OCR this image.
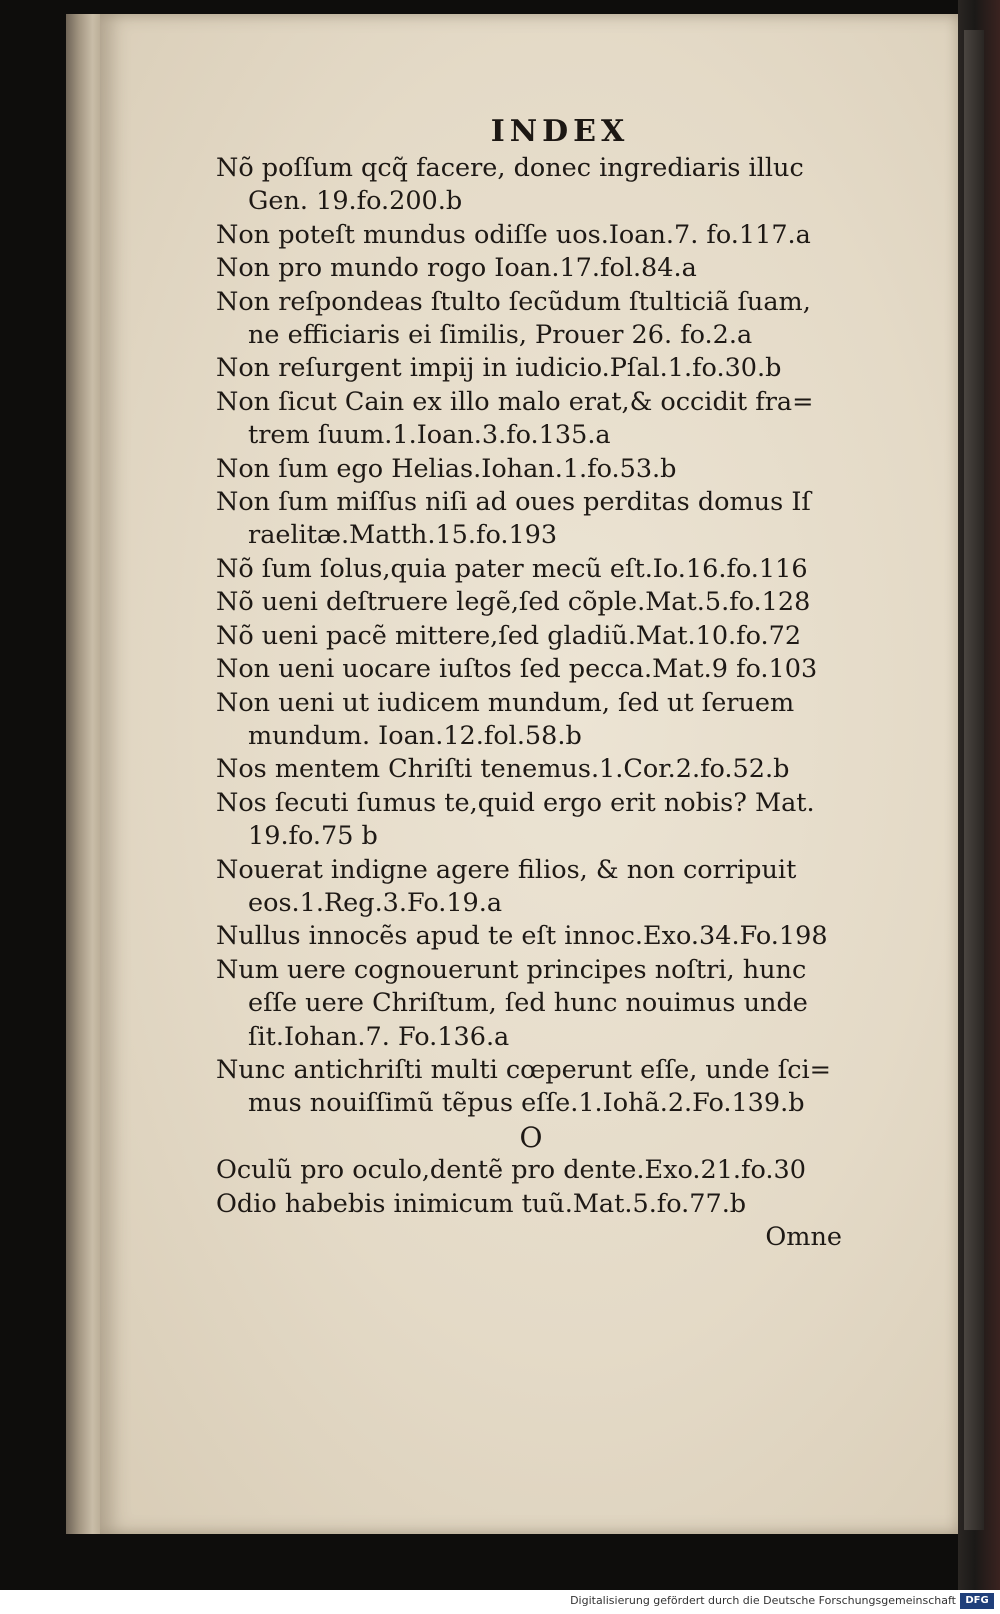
INDEX
Nõ poſſum qcq̃ facere, donec ingrediaris illuc
Gen. 19.fo.200.b
Non poteſt mundus odiſſe uos.Ioan.7. fo.117.a
Non pro mundo rogo Ioan.17.fol.84.a
Non reſpondeas ſtulto ſecũdum ſtulticiã ſuam,
ne efficiaris ei ſimilis, Prouer 26. fo.2.a
Non reſurgent impij in iudicio.Pſal.1.fo.30.b
Non ſicut Cain ex illo malo erat,& occidit fra=
trem ſuum.1.Ioan.3.fo.135.a
Non ſum ego Helias.Iohan.1.fo.53.b
Non ſum miſſus niſi ad oues perditas domus Iſ
raelitæ.Matth.15.fo.193
Nõ ſum ſolus,quia pater mecũ eſt.Io.16.fo.116
Nõ ueni deſtruere legẽ,ſed cõple.Mat.5.fo.128
Nõ ueni pacẽ mittere,ſed gladiũ.Mat.10.fo.72
Non ueni uocare iuſtos ſed pecca.Mat.9 fo.103
Non ueni ut iudicem mundum, ſed ut ſeruem
mundum. Ioan.12.fol.58.b
Nos mentem Chriſti tenemus.1.Cor.2.fo.52.b
Nos ſecuti ſumus te,quid ergo erit nobis? Mat.
19.fo.75 b
Nouerat indigne agere filios, & non corripuit
eos.1.Reg.3.Fo.19.a
Nullus innocẽs apud te eſt innoc.Exo.34.Fo.198
Num uere cognouerunt principes noſtri, hunc
eſſe uere Chriſtum, ſed hunc nouimus unde
ſit.Iohan.7. Fo.136.a
Nunc antichriſti multi cœperunt eſſe, unde ſci=
mus nouiſſimũ tẽpus eſſe.1.Iohã.2.Fo.139.b
O
Oculũ pro oculo,dentẽ pro dente.Exo.21.fo.30
Odio habebis inimicum tuũ.Mat.5.fo.77.b
Omne
Digitalisierung gefördert durch die Deutsche Forschungsgemeinschaft DFG
